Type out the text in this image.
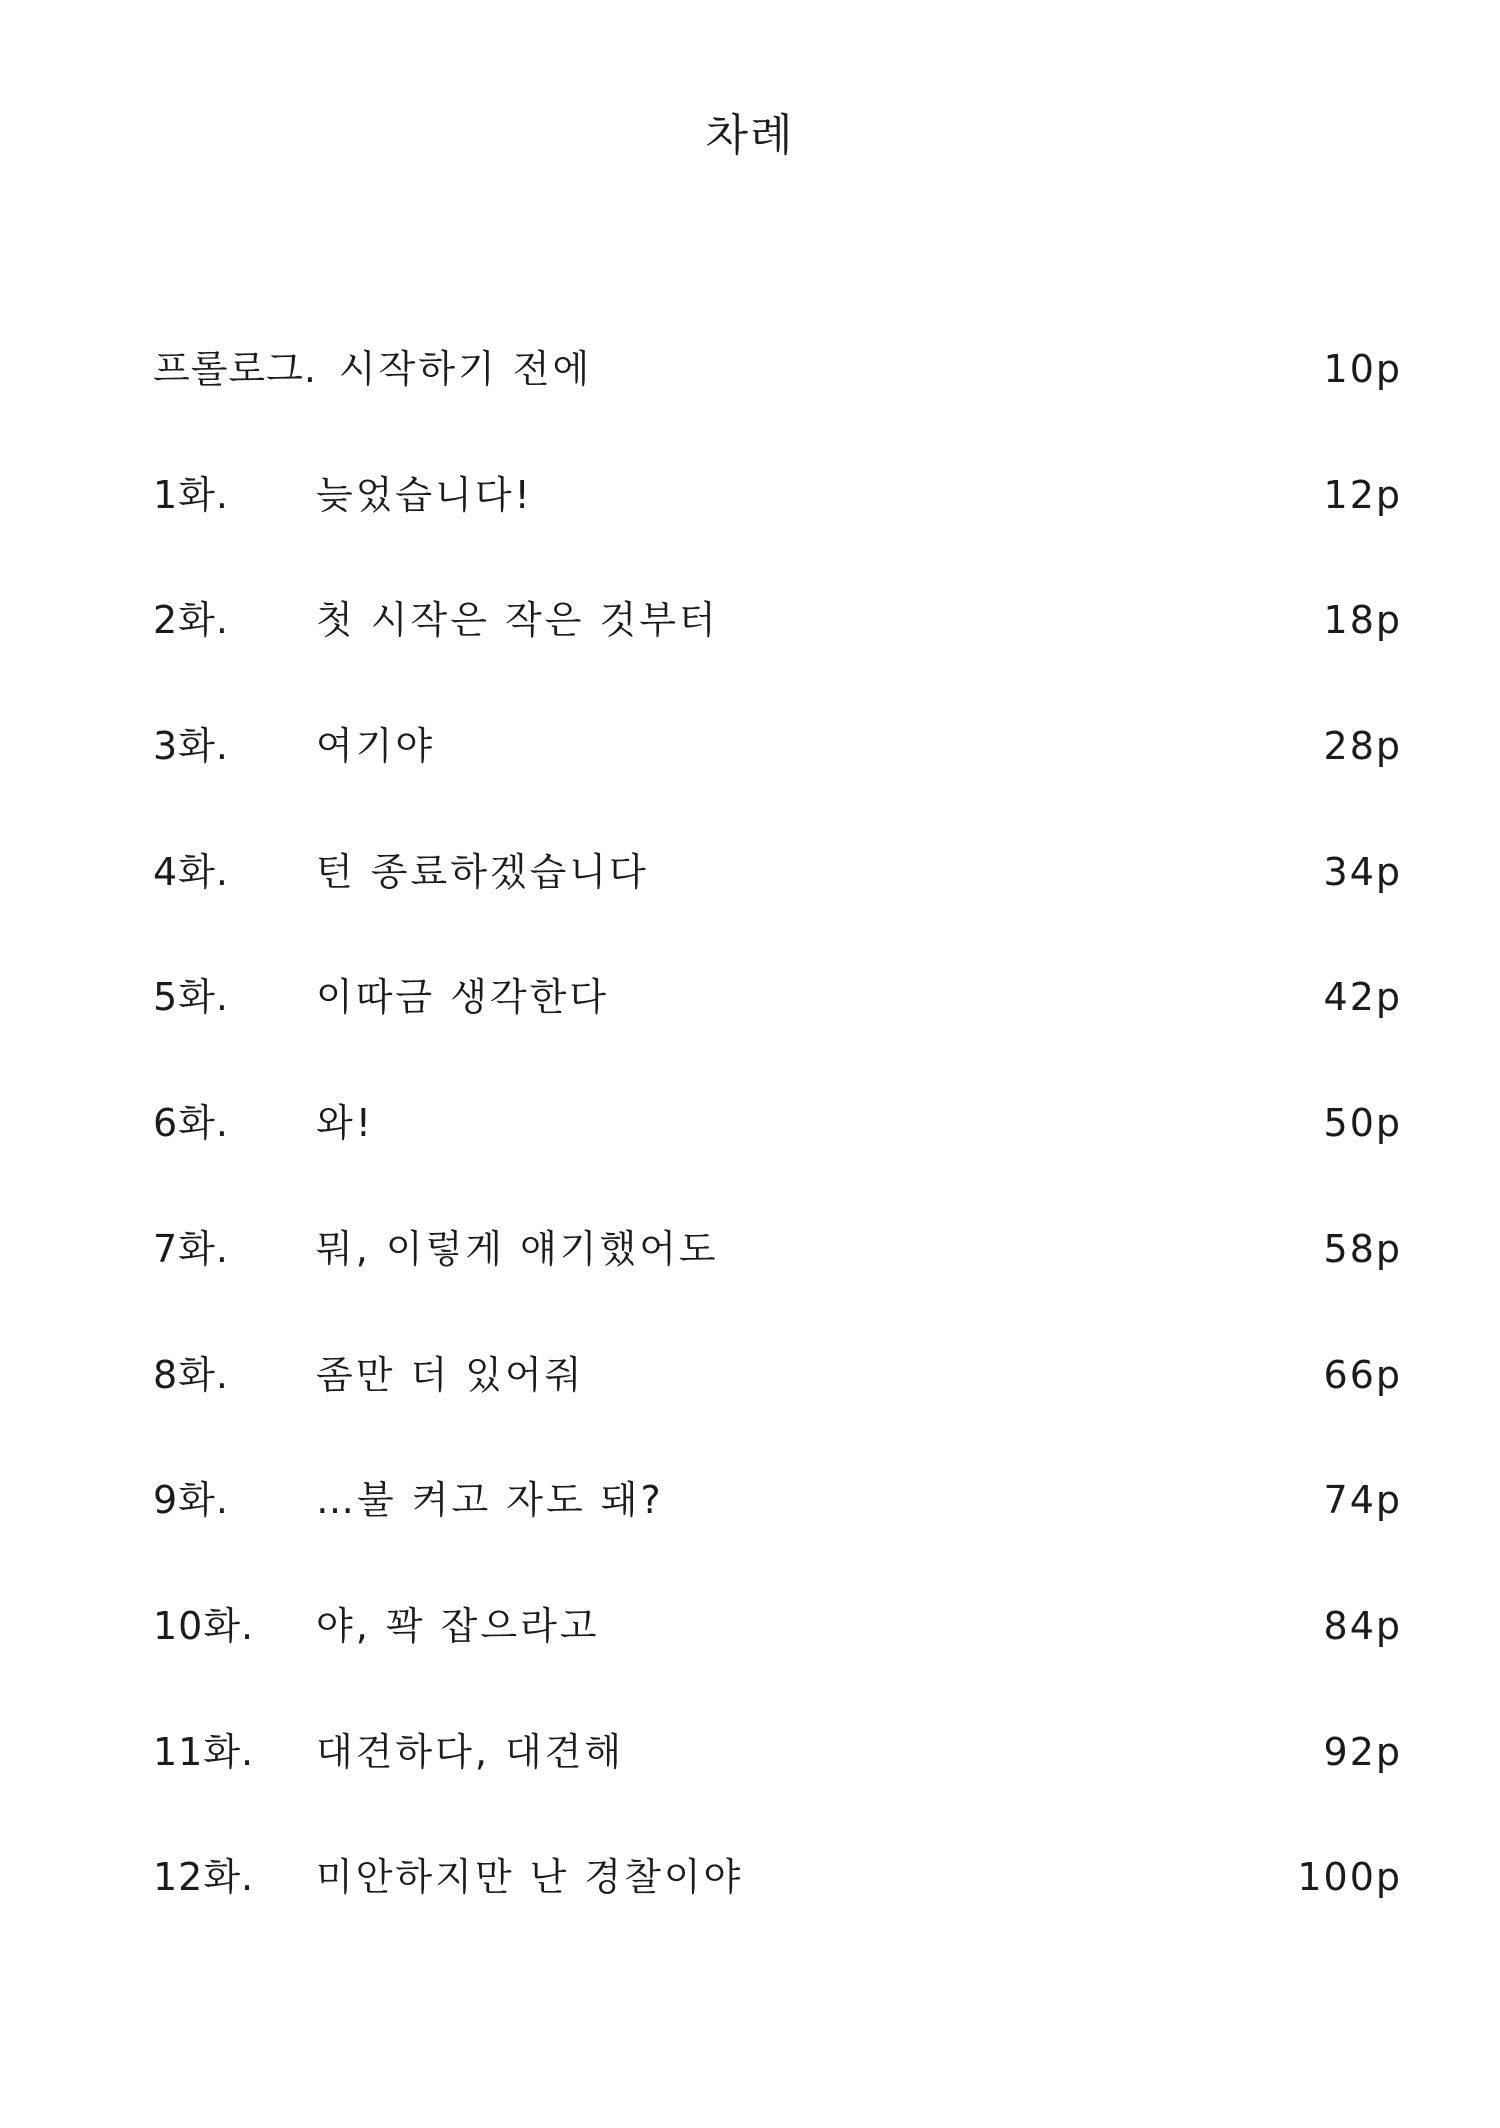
차례
프롤로그. 시작하기 전에	10p
1화.	늦었습니다!	12p
2화.	첫 시작은 작은 것부터	18p
3화.	여기야	28p
4화.	턴 종료하겠습니다	34p
5화.	이따금 생각한다	42p
6화.	와!	50p
7화.	뭐, 이렇게 얘기했어도	58p
8화.	좀만 더 있어줘	66p
9화.	…불 켜고 자도 돼?	74p
10화.	야, 꽉 잡으라고	84p
11화.	대견하다, 대견해	92p
12화.	미안하지만 난 경찰이야	100p
